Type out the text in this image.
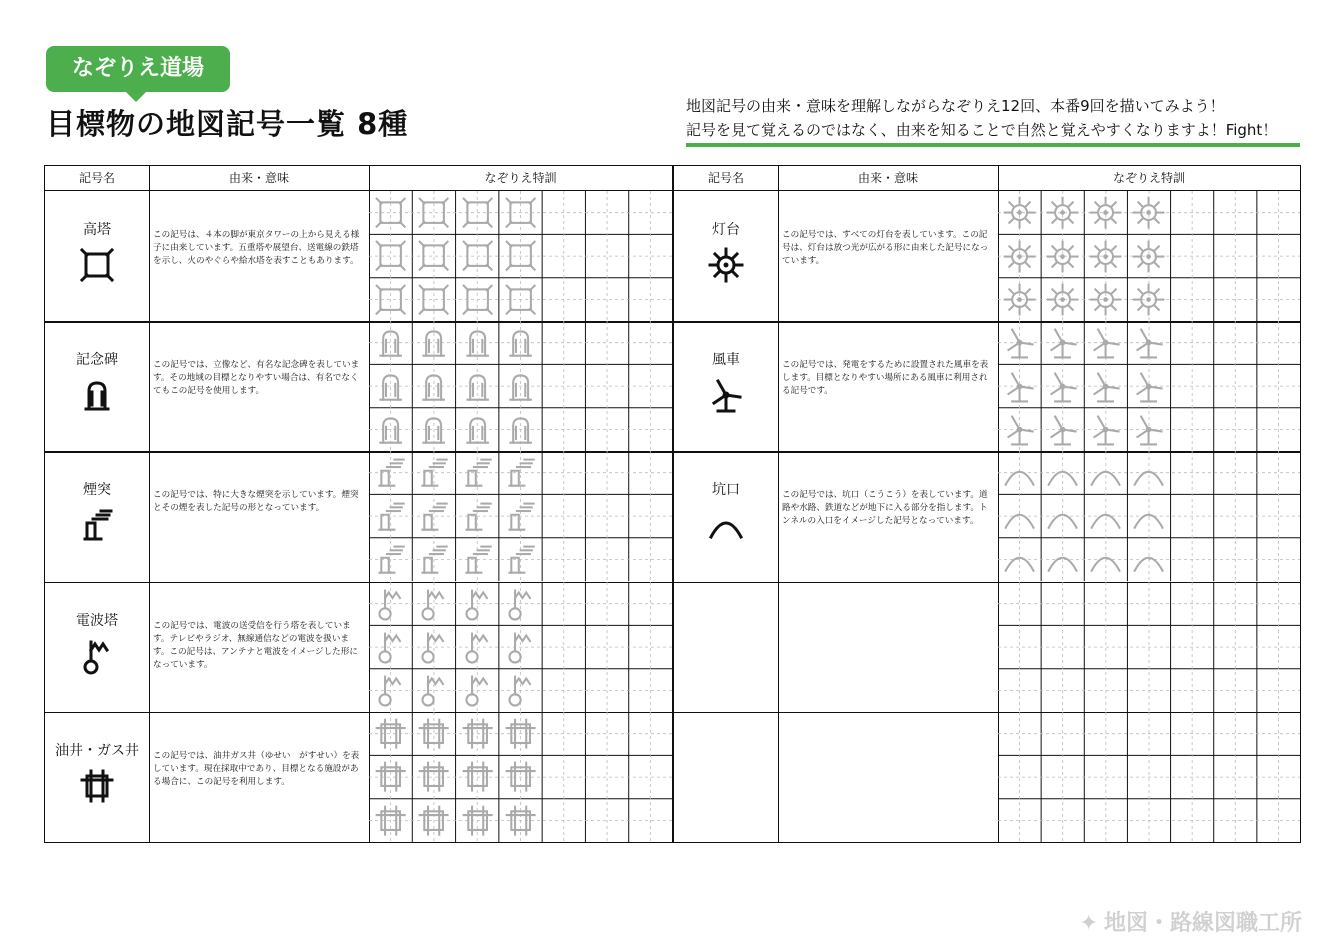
なぞりえ道場
目標物の地図記号一覧 8種
地図記号の由来・意味を理解しながらなぞりえ12回、本番9回を描いてみよう！
記号を見て覚えるのではなく、由来を知ることで自然と覚えやすくなりますよ！Fight！
記号名	由来・意味	なぞりえ特訓
高塔	この記号は、４本の脚が東京タワーの上から見える様子に由来しています。五重塔や展望台、送電線の鉄塔を示し、火のやぐらや給水塔を表すこともあります。
記念碑	この記号では、立像など、有名な記念碑を表しています。その地域の目標となりやすい場合は、有名でなくてもこの記号を使用します。
煙突	この記号では、特に大きな煙突を示しています。煙突とその煙を表した記号の形となっています。
電波塔	この記号では、電波の送受信を行う塔を表しています。テレビやラジオ、無線通信などの電波を扱います。この記号は、アンテナと電波をイメージした形になっています。
油井・ガス井	この記号では、油井ガス井（ゆせい　がすせい）を表しています。現在採取中であり、目標となる施設がある場合に、この記号を利用します。
記号名	由来・意味	なぞりえ特訓
灯台	この記号では、すべての灯台を表しています。この記号は、灯台は放つ光が広がる形に由来した記号になっています。
風車	この記号では、発電をするために設置された風車を表します。目標となりやすい場所にある風車に利用される記号です。
坑口	この記号では、坑口（こうこう）を表しています。道路や水路、鉄道などが地下に入る部分を指します。トンネルの入口をイメージした記号となっています。
✦ 地図・路線図職工所
